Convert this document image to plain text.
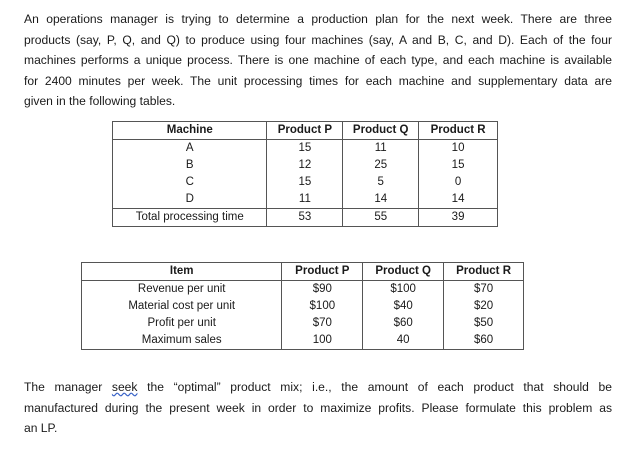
An operations manager is trying to determine a production plan for the next week. There are three
products (say, P, Q, and Q) to produce using four machines (say, A and B, C, and D). Each of the four
machines performs a unique process. There is one machine of each type, and each machine is available
for 2400 minutes per week. The unit processing times for each machine and supplementary data are
given in the following tables.
Machine	Product P	Product Q	Product R
A	15	11	10
B	12	25	15
C	15	5	0
D	11	14	14
Total processing time	53	55	39
Item	Product P	Product Q	Product R
Revenue per unit	$90	$100	$70
Material cost per unit	$100	$40	$20
Profit per unit	$70	$60	$50
Maximum sales	100	40	$60
The manager seek the “optimal” product mix; i.e., the amount of each product that should be
manufactured during the present week in order to maximize profits. Please formulate this problem as
an LP.
